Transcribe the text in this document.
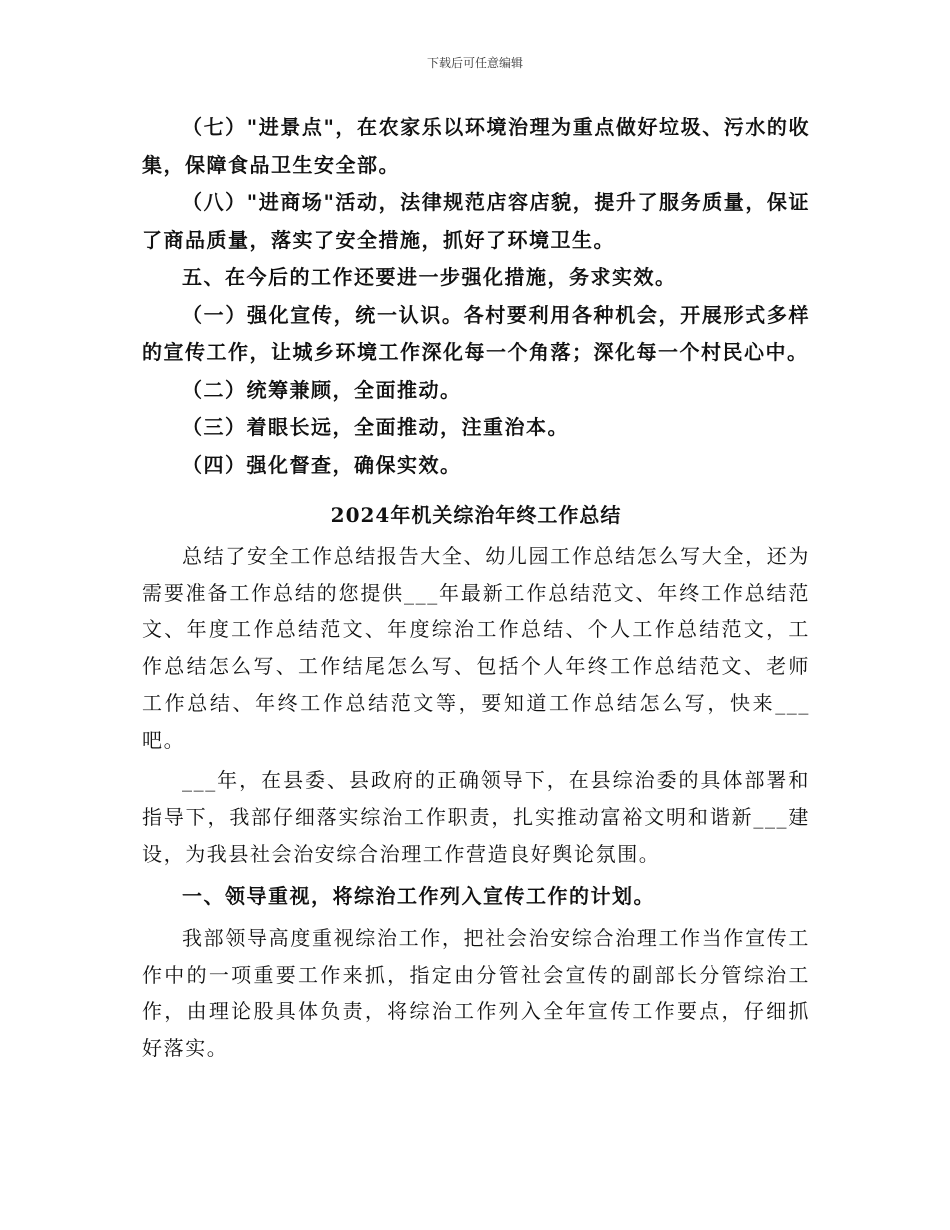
下载后可任意编辑

（七）"进景点"，在农家乐以环境治理为重点做好垃圾、污水的收集，保障食品卫生安全部。

（八）"进商场"活动，法律规范店容店貌，提升了服务质量，保证了商品质量，落实了安全措施，抓好了环境卫生。

五、在今后的工作还要进一步强化措施，务求实效。

（一）强化宣传，统一认识。各村要利用各种机会，开展形式多样的宣传工作，让城乡环境工作深化每一个角落；深化每一个村民心中。

（二）统筹兼顾，全面推动。

（三）着眼长远，全面推动，注重治本。

（四）强化督查，确保实效。

2024年机关综治年终工作总结

总结了安全工作总结报告大全、幼儿园工作总结怎么写大全，还为需要准备工作总结的您提供___年最新工作总结范文、年终工作总结范文、年度工作总结范文、年度综治工作总结、个人工作总结范文，工作总结怎么写、工作结尾怎么写、包括个人年终工作总结范文、老师工作总结、年终工作总结范文等，要知道工作总结怎么写，快来___吧。

___年，在县委、县政府的正确领导下，在县综治委的具体部署和指导下，我部仔细落实综治工作职责，扎实推动富裕文明和谐新___建设，为我县社会治安综合治理工作营造良好舆论氛围。

一、领导重视，将综治工作列入宣传工作的计划。

我部领导高度重视综治工作，把社会治安综合治理工作当作宣传工作中的一项重要工作来抓，指定由分管社会宣传的副部长分管综治工作，由理论股具体负责，将综治工作列入全年宣传工作要点，仔细抓好落实。
